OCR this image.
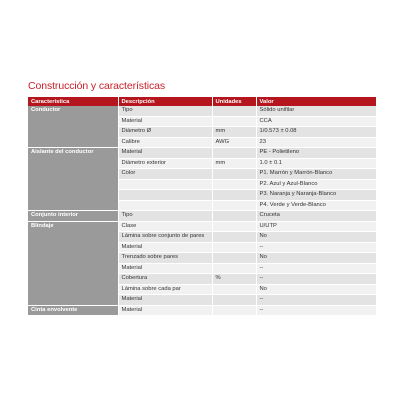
Construcción y características
Característica	Descripción	Unidades	Valor
Conductor	Tipo		Sólido unifilar
	Material		CCA
	Diámetro Ø	mm	1/0.573 ± 0.08
	Calibre	AWG	23
Aislante del conductor	Material		PE - Polietileno
	Diámetro exterior	mm	1.0 ± 0.1
	Color		P1. Marrón y Marrón-Blanco
			P2. Azul y Azul-Blanco
			P3. Naranja y Naranja-Blanco
			P4. Verde y Verde-Blanco
Conjunto interior	Tipo		Cruceta
Blindaje	Clase		U/UTP
	Lámina sobre conjunto de pares		No
	Material		--
	Trenzado sobre pares		No
	Material		--
	Cobertura	%	--
	Lámina sobre cada par		No
	Material		--
Cinta envolvente	Material		--
